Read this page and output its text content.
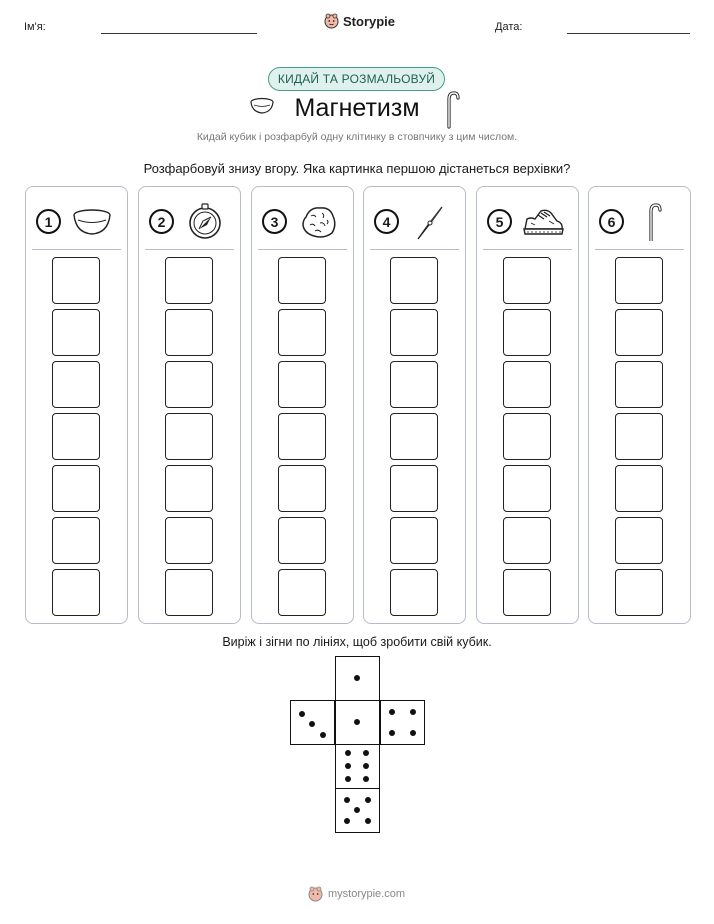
Ім'я:	Storypie	Дата:
КИДАЙ ТА РОЗМАЛЬОВУЙ
Магнетизм
Кидай кубик і розфарбуй одну клітинку в стовпчику з цим числом.
Розфарбовуй знизу вгору. Яка картинка першою дістанеться верхівки?
1	2	3	4	5	6
Виріж і зігни по лініях, щоб зробити свій кубик.
mystorypie.com
